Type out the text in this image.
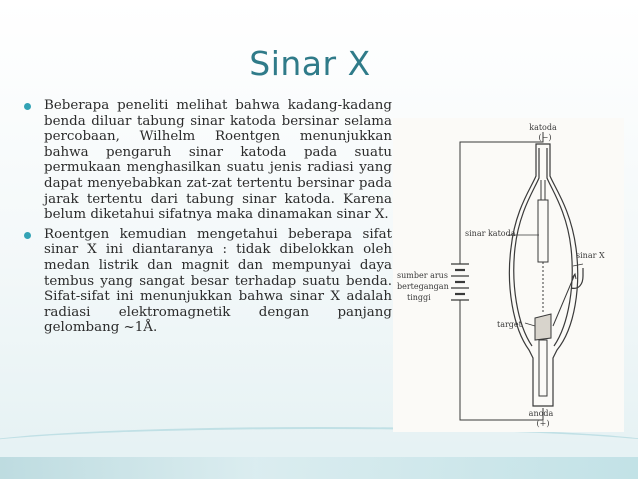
Sinar X
Beberapa peneliti melihat bahwa kadang-kadang benda diluar tabung sinar katoda bersinar selama percobaan, Wilhelm Roentgen menunjukkan bahwa pengaruh sinar katoda pada suatu permukaan menghasilkan suatu jenis radiasi yang dapat menyebabkan zat-zat tertentu bersinar pada jarak tertentu dari tabung sinar katoda. Karena belum diketahui sifatnya maka dinamakan sinar X.
Roentgen kemudian mengetahui beberapa sifat sinar X ini diantaranya : tidak dibelokkan oleh medan listrik dan magnit dan mempunyai daya tembus yang sangat besar terhadap suatu benda. Sifat-sifat ini menunjukkan bahwa sinar X adalah radiasi elektromagnetik dengan panjang gelombang ~1Å.
katoda
(−)
sinar katoda
sinar X
sumber arus
bertegangan
tinggi
target
anoda
(+)
